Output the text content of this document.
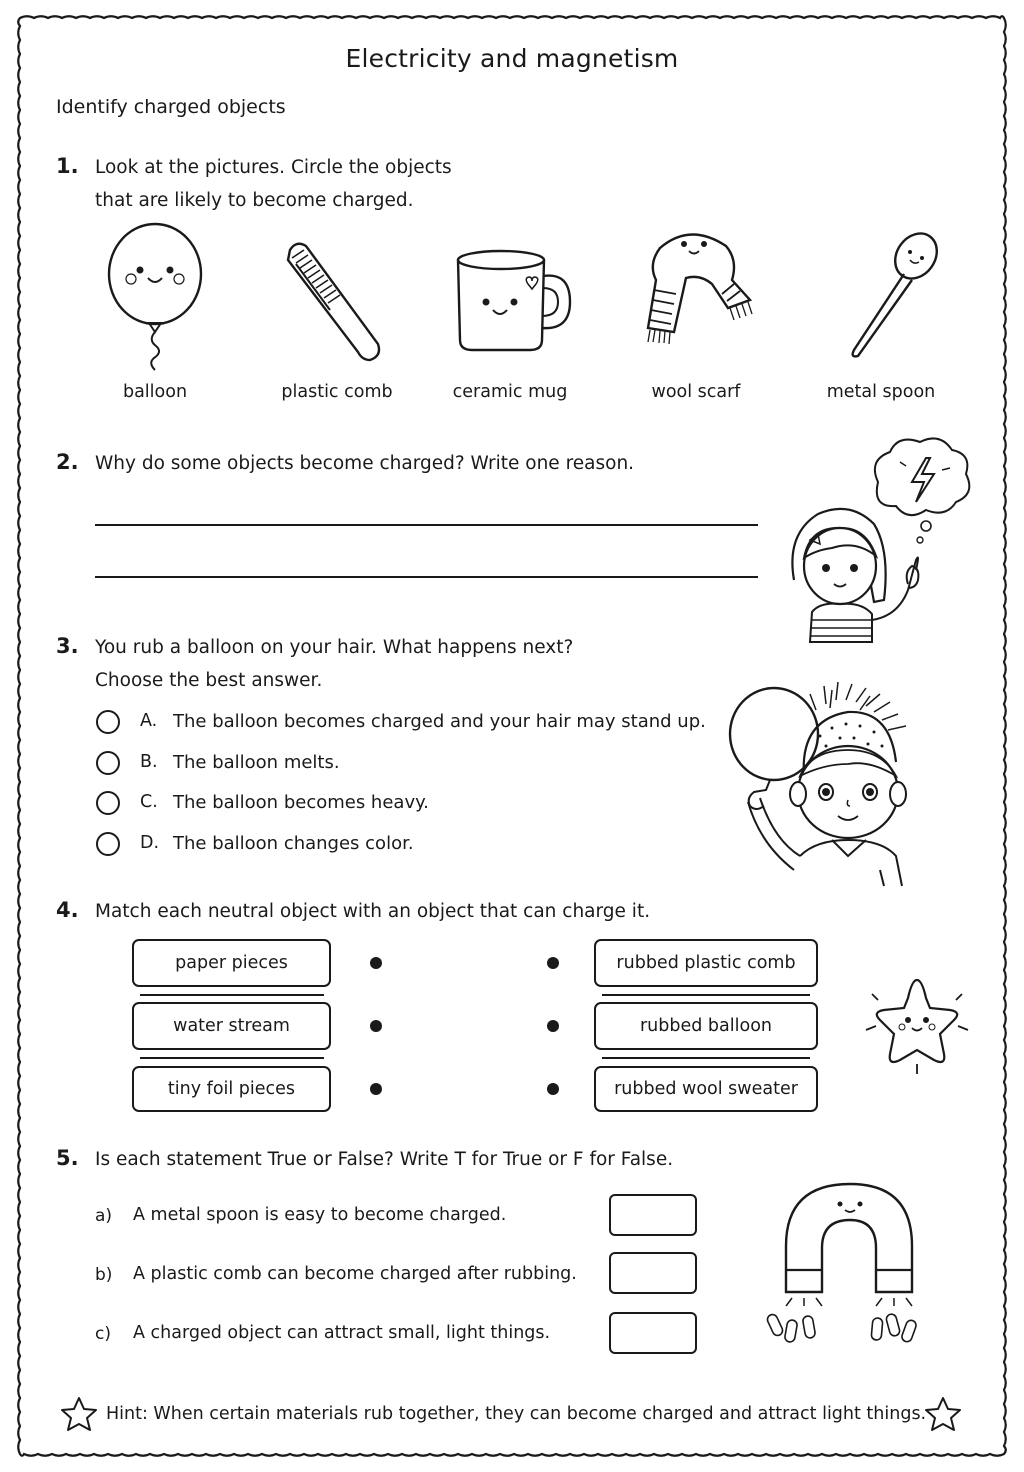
Electricity and magnetism
Identify charged objects
1. Look at the pictures. Circle the objects
that are likely to become charged.
balloon	plastic comb	ceramic mug	wool scarf	metal spoon
2. Why do some objects become charged? Write one reason.
3. You rub a balloon on your hair. What happens next?
Choose the best answer.
A. The balloon becomes charged and your hair may stand up.
B. The balloon melts.
C. The balloon becomes heavy.
D. The balloon changes color.
4. Match each neutral object with an object that can charge it.
paper pieces
water stream
tiny foil pieces
rubbed plastic comb
rubbed balloon
rubbed wool sweater
5. Is each statement True or False? Write T for True or F for False.
a) A metal spoon is easy to become charged.
b) A plastic comb can become charged after rubbing.
c) A charged object can attract small, light things.
Hint: When certain materials rub together, they can become charged and attract light things.
